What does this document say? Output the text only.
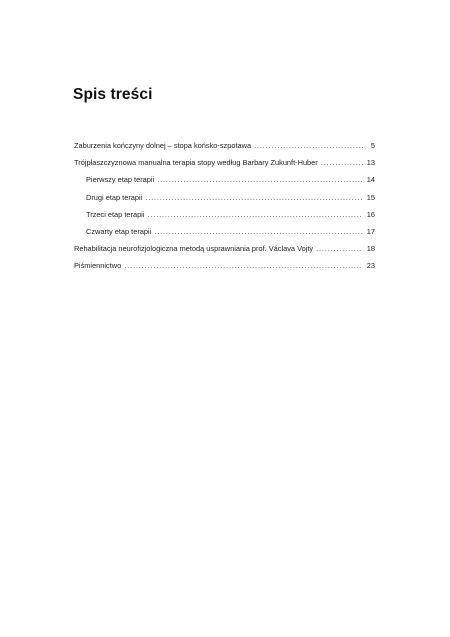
Spis treści
Zaburzenia kończyny dolnej – stopa końsko-szpotawa . . .	5
Trójpłaszczyznowa manualna terapia stopy według Barbary Zukunft-Huber . . .	13
Pierwszy etap terapii . . .	14
Drugi etap terapii . . .	15
Trzeci etap terapii . . .	16
Czwarty etap terapii . . .	17
Rehabilitacja neurofizjologiczna metodą usprawniania prof. Václava Vojty . . .	18
Piśmiennictwo . . .	23
